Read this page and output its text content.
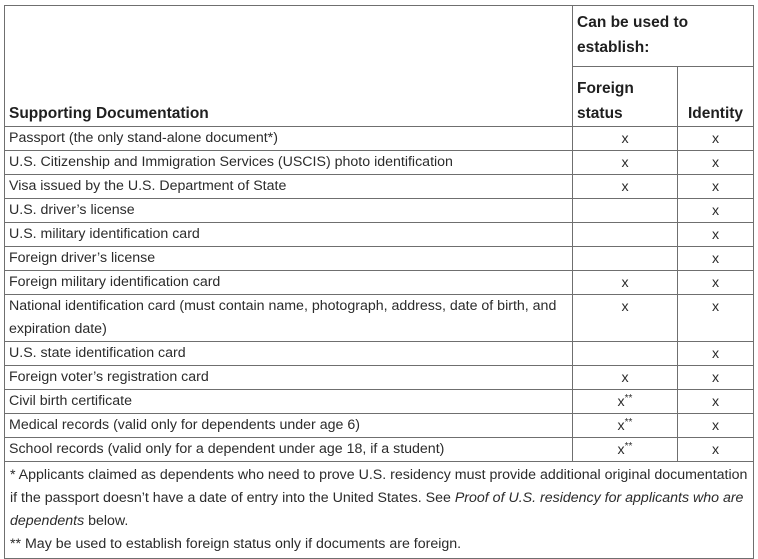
Supporting Documentation	Can be used to establish:	
	Foreign status	Identity
Passport (the only stand-alone document*)	x	x
U.S. Citizenship and Immigration Services (USCIS) photo identification	x	x
Visa issued by the U.S. Department of State	x	x
U.S. driver’s license		x
U.S. military identification card		x
Foreign driver’s license		x
Foreign military identification card	x	x
National identification card (must contain name, photograph, address, date of birth, and expiration date)	x	x
U.S. state identification card		x
Foreign voter’s registration card	x	x
Civil birth certificate	x**	x
Medical records (valid only for dependents under age 6)	x**	x
School records (valid only for a dependent under age 18, if a student)	x**	x

* Applicants claimed as dependents who need to prove U.S. residency must provide additional original documentation if the passport doesn’t have a date of entry into the United States. See Proof of U.S. residency for applicants who are dependents below.
** May be used to establish foreign status only if documents are foreign.		
